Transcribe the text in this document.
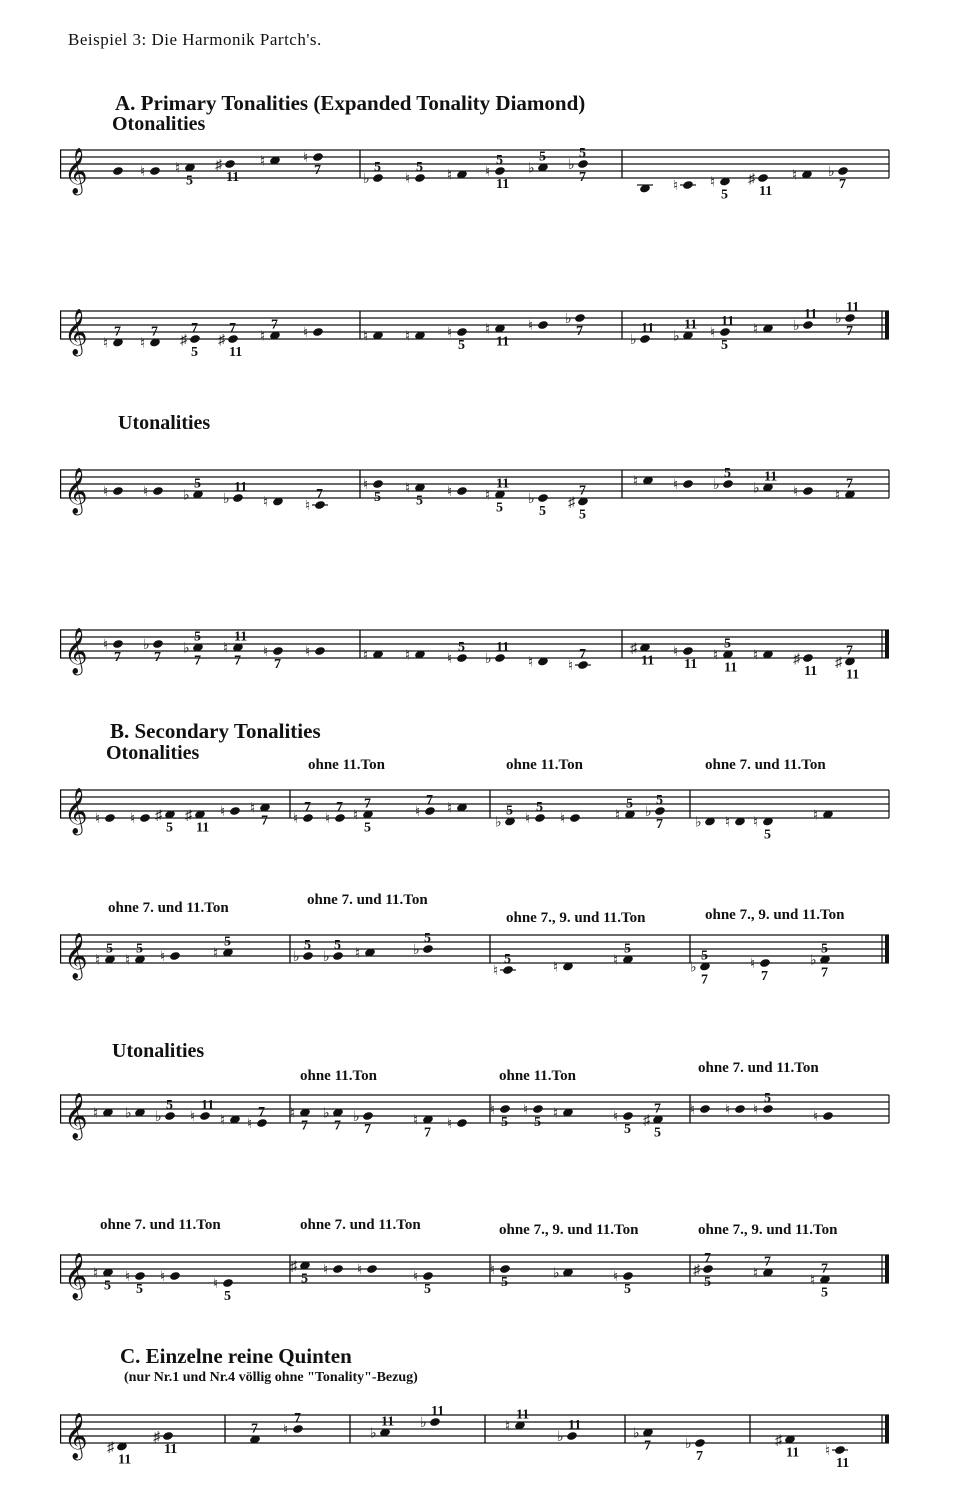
Beispiel 3: Die Harmonik Partch's.
A. Primary Tonalities (Expanded Tonality Diamond)
Otonalities
Utonalities
B. Secondary Tonalities
Otonalities
Utonalities
C. Einzelne reine Quinten
(nur Nr.1 und Nr.4 völlig ohne "Tonality"-Bezug)
ohne 11.Ton	ohne 11.Ton	ohne 7. und 11.Ton
ohne 7. und 11.Ton	ohne 7. und 11.Ton
ohne 7., 9. und 11.Ton	ohne 7., 9. und 11.Ton
ohne 11.Ton	ohne 11.Ton	ohne 7. und 11.Ton
ohne 7. und 11.Ton	ohne 7. und 11.Ton	ohne 7., 9. und 11.Ton	ohne 7., 9. und 11.Ton
𝄞	♮ ♮
5
♯
11
♮	♮
7
♭
5
♮
5
♮ ♮
5
11
♭
5
♭
5
7
♮ ♮
5
♯
11
♮ ♭
7
𝄞 ♮
7
♮
7
♯
7
5
♯
7
11
♮
7
♮	♮	♮	♮
5
♮
11
♮ ♭
7
♭
11
♭
11
♮
11
5
♮ ♭
11 ♭
11
7
𝄞 ♮ ♮ ♭
5
♭
11
♮	♮
7
♮
5
♮
5
♮ ♮
11
5
♭
5
♯
7
5
♮ ♮ ♭
5
♭
11
♮	♮
7
𝄞 ♮
7
♭
7
♭
5
7
♮
11
7
♮
7
♮	♮	♮	♮
5
♭
11
♮ ♮
7	♯
11
♮
11
♮
5
11
♮ ♯
11
♯
7
11
𝄞 ♮ ♮ ♯
5
♯
11
♮ ♮
7 ♮
7
♮
7
♮
7
5
♮
7
♮
♭
5
♮
5
♮	♮
5
♭
5
7 ♭ ♮ ♮
5
♮
𝄞 ♮
5
♮
5
♮	♮
5
♭
5
♭
5
♮	♭
5
♮
5
♮	♮
5
♭
5
7
♮
7
♭
5
7
𝄞 ♮ ♭ ♭
5
♮
11
♮ ♮
7 ♮
7
♭
7
♭
7
♮
7
♮
♮
5
♮
5
♮	♮
5
♯
7
5
♮ ♮ ♮
5
♮
𝄞 ♮
5
♮
5
♮	♮
5
♯
5
♮ ♮	♮
5
♮
5
♭	♮
5
♯
7
5
♮
7
♮
7
5
𝄞 ♯
11
♯
11
7 ♮
7
♭
11 ♭
11
♮
11
♭
11
♭
7 ♭
7
♯
11 ♮
11
